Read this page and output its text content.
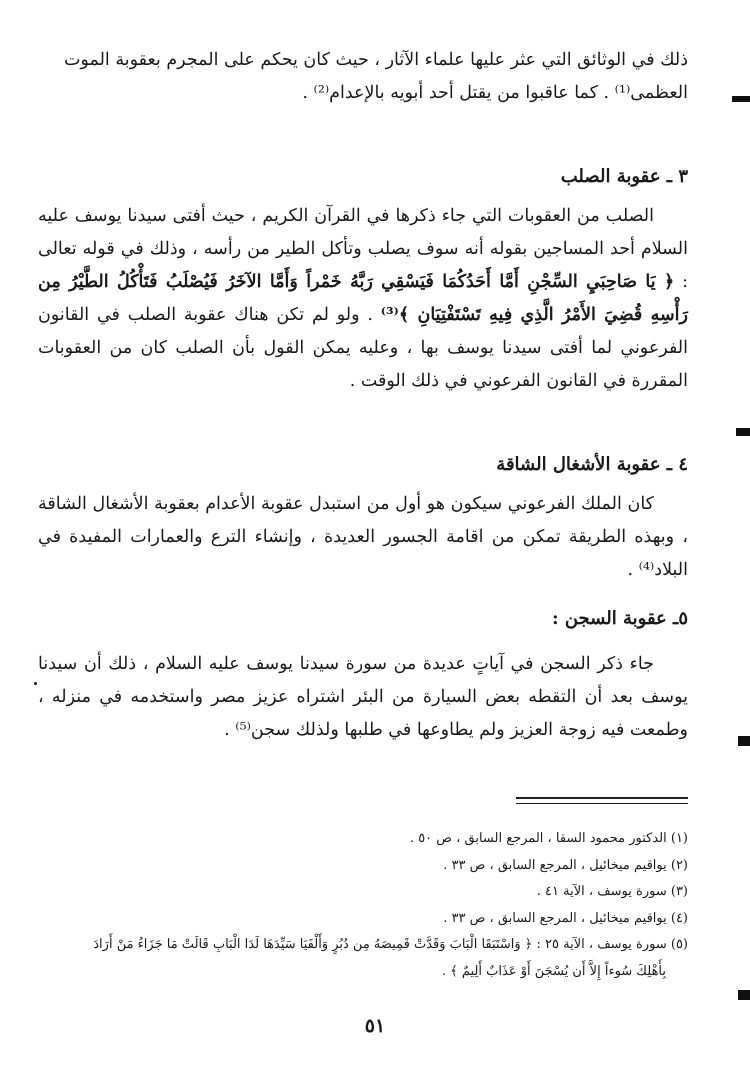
ذلك في الوثائق التي عثر عليها علماء الآثار ، حيث كان يحكم على المجرم بعقوبة الموت

العظمى⁽¹⁾ . كما عاقبوا من يقتل أحد أبويه بالإعدام⁽²⁾ .

٣ ـ عقوبة الصلب

الصلب من العقوبات التي جاء ذكرها في القرآن الكريم ، حيث أفتى سيدنا يوسف عليه السلام أحد المساجين بقوله أنه سوف يصلب وتأكل الطير من رأسه ، وذلك في قوله تعالى : ﴿ يَا صَاحِبَيِ السِّجْنِ أَمَّا أَحَدُكُمَا فَيَسْقِي رَبَّهُ خَمْراً وَأَمَّا الآخَرُ فَيُصْلَبُ فَتَأْكُلُ الطَّيْرُ مِن رَأْسِهِ قُضِيَ الأَمْرُ الَّذِي فِيهِ تَسْتَفْتِيَانِ ﴾⁽³⁾ . ولو لم تكن هناك عقوبة الصلب في القانون الفرعوني لما أفتى سيدنا يوسف بها ، وعليه يمكن القول بأن الصلب كان من العقوبات المقررة في القانون الفرعوني في ذلك الوقت .

٤ ـ عقوبة الأشغال الشاقة

كان الملك الفرعوني سيكون هو أول من استبدل عقوبة الأعدام بعقوبة الأشغال الشاقة ، وبهذه الطريقة تمكن من اقامة الجسور العديدة ، وإنشاء الترع والعمارات المفيدة في البلاد⁽⁴⁾ .

٥ـ عقوبة السجن :

جاء ذكر السجن في آياتٍ عديدة من سورة سيدنا يوسف عليه السلام ، ذلك أن سيدنا يوسف بعد أن التقطه بعض السيارة من البئر اشتراه عزيز مصر واستخدمه في منزله ، وطمعت فيه زوجة العزيز ولم يطاوعها في طلبها ولذلك سجن⁽⁵⁾ .

(١) الدكتور محمود السقا ، المرجع السابق ، ص ٥٠ .
(٢) يواقيم ميخائيل ، المرجع السابق ، ص ٣٣ .
(٣) سورة يوسف ، الآية ٤١ .
(٤) يواقيم ميخائيل ، المرجع السابق ، ص ٣٣ .
(٥) سورة يوسف ، الآية ٢٥ : ﴿ وَاسْتَبَقَا الْبَابَ وَقَدَّتْ قَمِيصَهُ مِن دُبُرٍ وَأَلْفَيَا سَيِّدَهَا لَدَا الْبَابِ قَالَتْ مَا جَزَاءُ مَنْ أَرَادَ
بِأَهْلِكَ سُوءاً إِلاَّ أَن يُسْجَنَ أَوْ عَذَابٌ أَلِيمٌ ﴾ .
٥١
